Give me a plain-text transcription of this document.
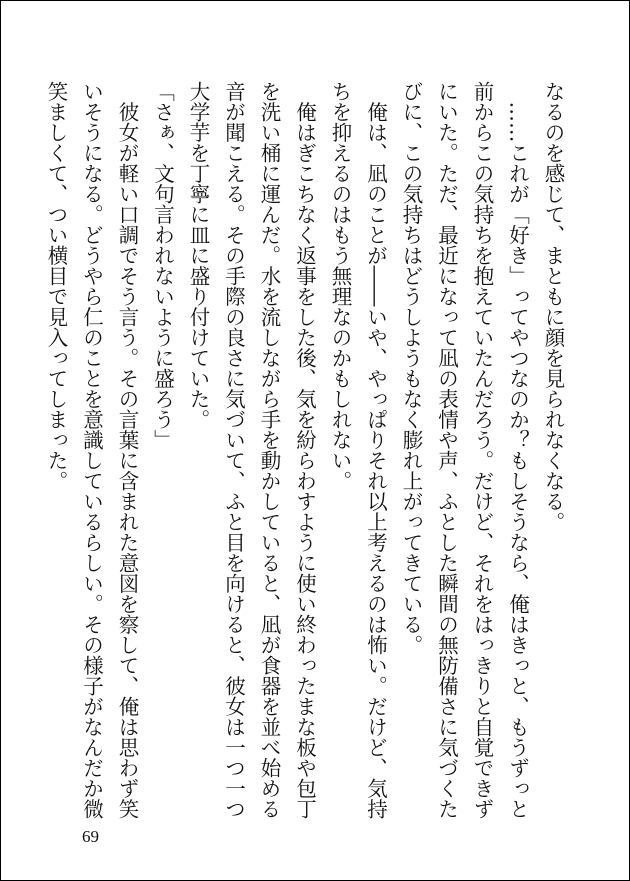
なるのを感じて、まともに顔を見られなくなる。
　……これが「好き」ってやつなのか？もしそうなら、俺はきっと、もうずっと
前からこの気持ちを抱えていたんだろう。だけど、それをはっきりと自覚できず
にいた。ただ、最近になって凪の表情や声、ふとした瞬間の無防備さに気づくた
びに、この気持ちはどうしようもなく膨れ上がってきている。
　俺は、凪のことが――いや、やっぱりそれ以上考えるのは怖い。だけど、気持
ちを抑えるのはもう無理なのかもしれない。
　俺はぎこちなく返事をした後、気を紛らわすように使い終わったまな板や包丁
を洗い桶に運んだ。水を流しながら手を動かしていると、凪が食器を並べ始める
音が聞こえる。その手際の良さに気づいて、ふと目を向けると、彼女は一つ一つ
大学芋を丁寧に皿に盛り付けていた。
「さぁ、文句言われないように盛ろう」
　彼女が軽い口調でそう言う。その言葉に含まれた意図を察して、俺は思わず笑
いそうになる。どうやら仁のことを意識しているらしい。その様子がなんだか微
笑ましくて、つい横目で見入ってしまった。
69
